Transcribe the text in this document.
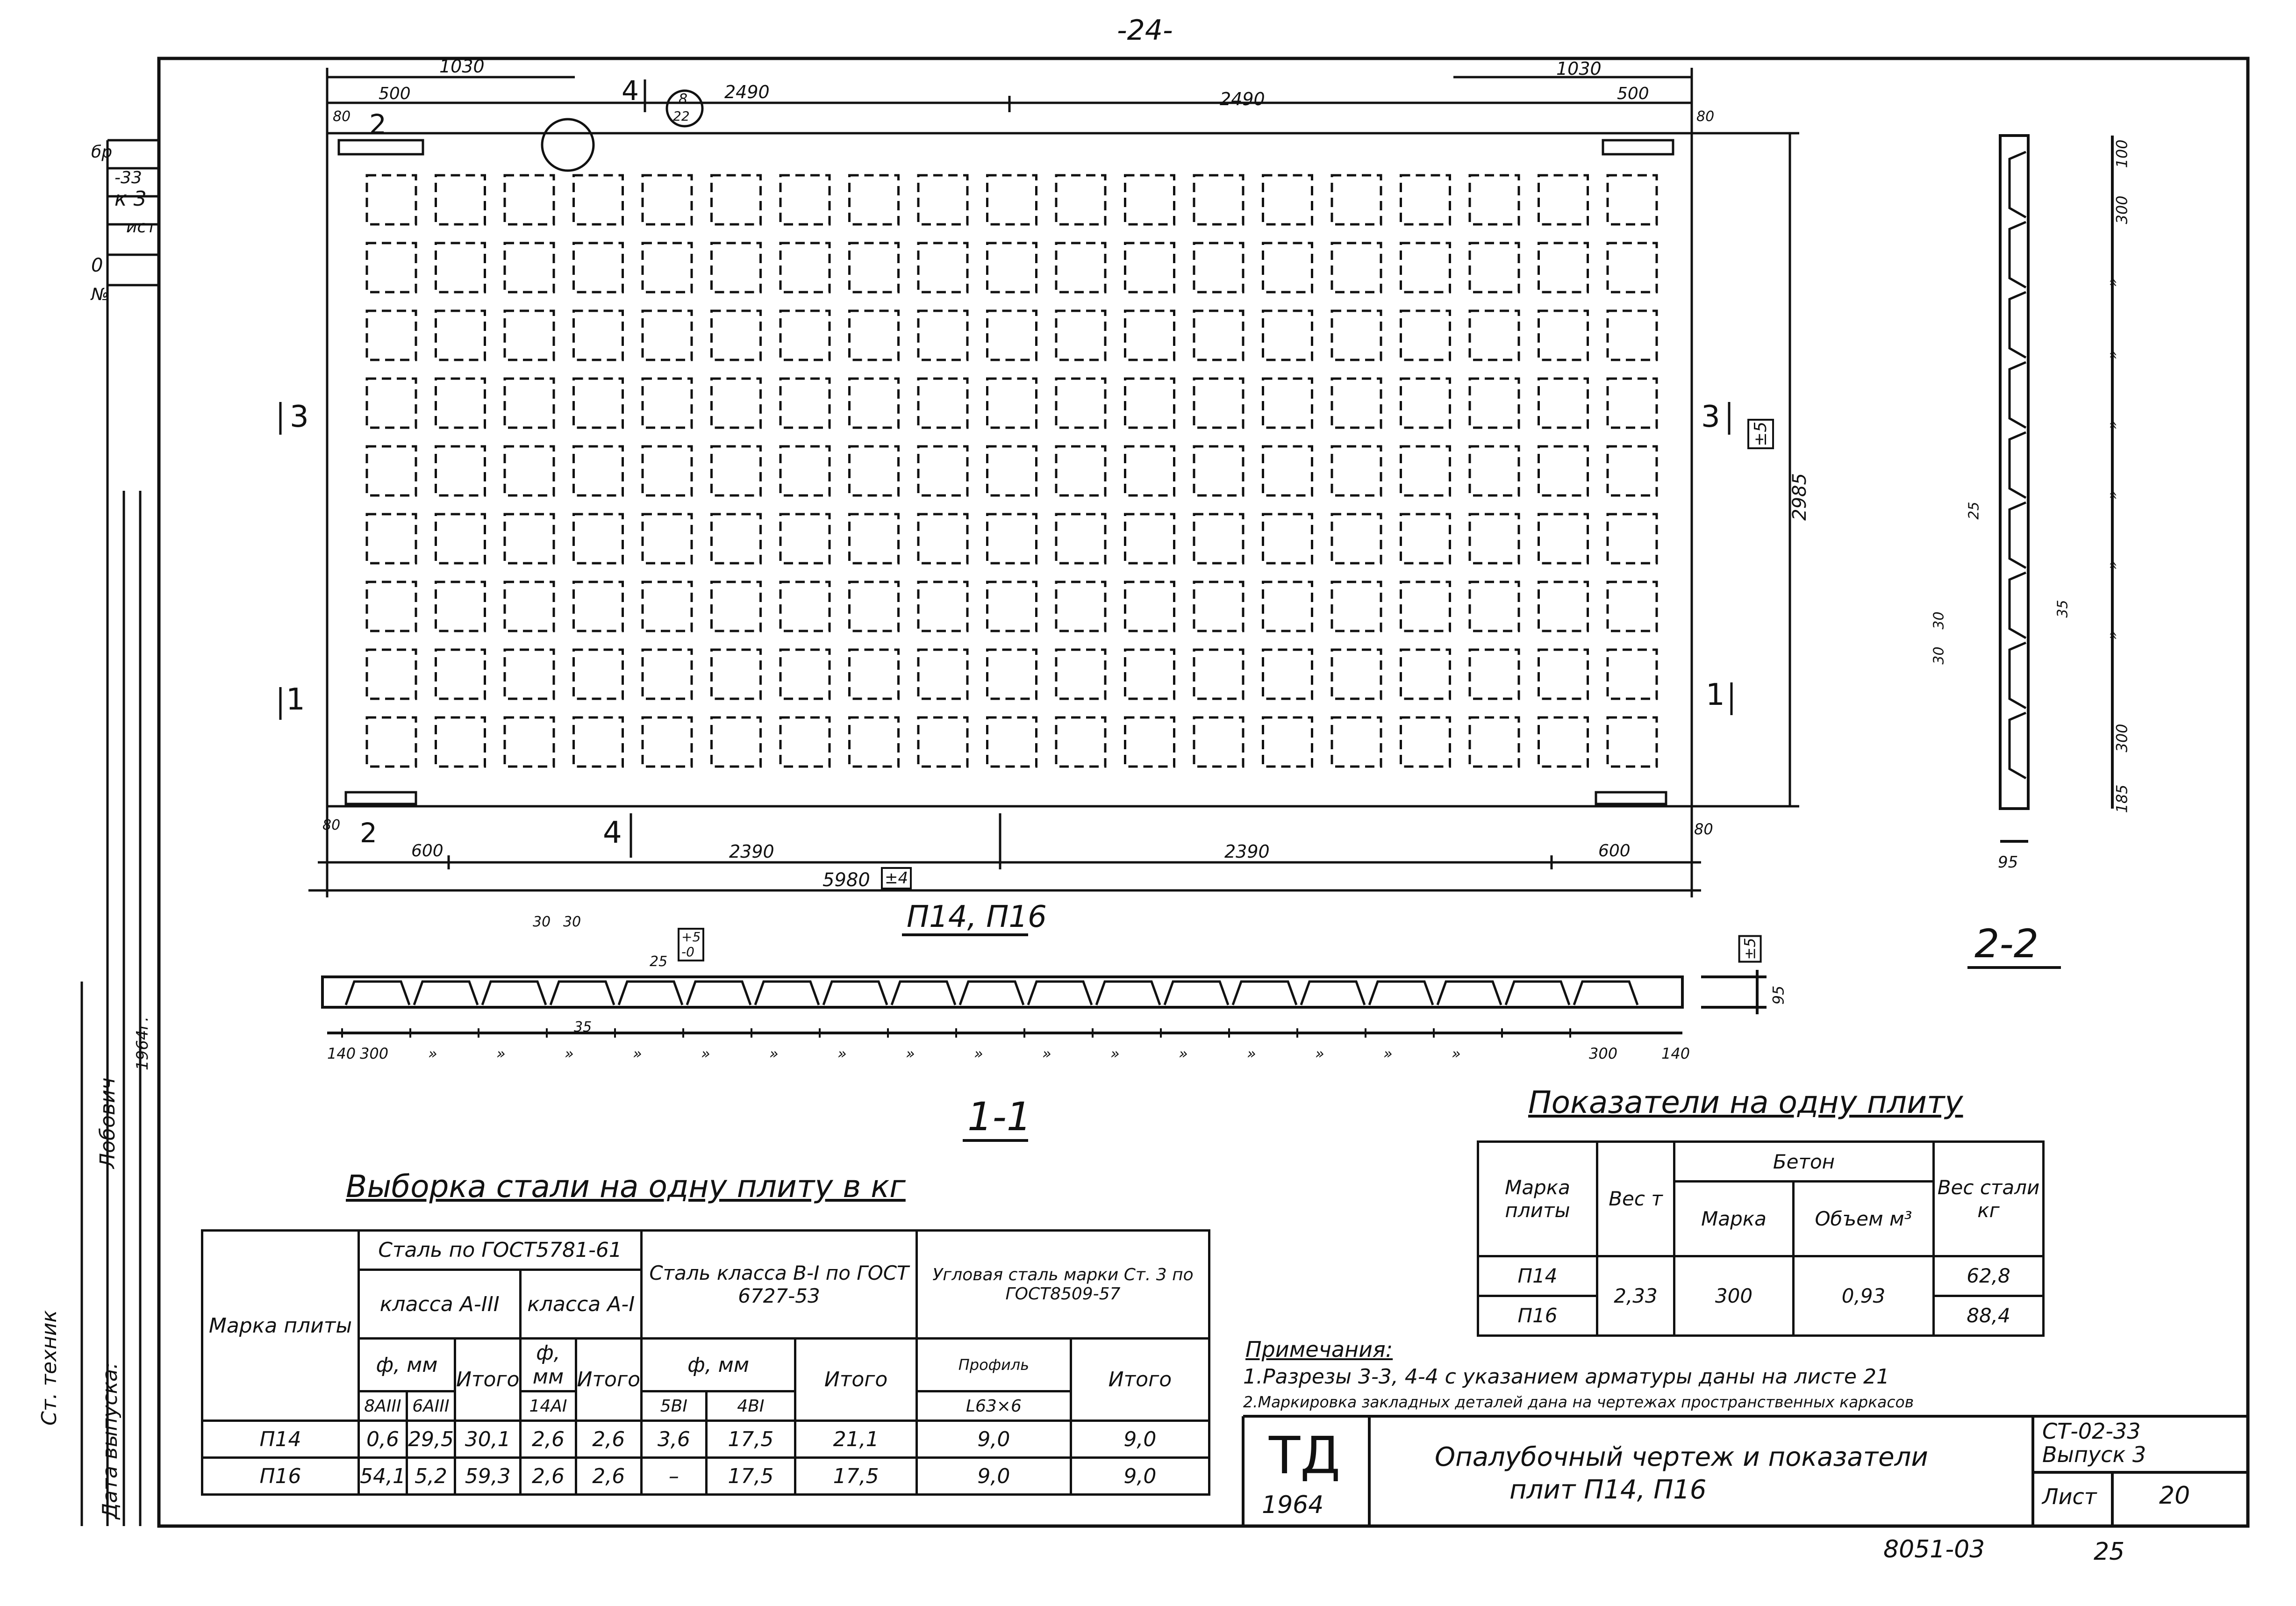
-24-
1030
500	2490	2490
1030
500
80	80
2
4	8
22
3	3
1	1
2	4
±5
2985
80
600	2390	2390	600
80
5980 ±4
П14, П16
30 30
25
35
+5
-0	±5
95
140 300	»	»	»	»	»	»	»	»	»	»	»	»	»	»	»	»	300	140
1-1
100
300
»
»
»
»
»
»
300
185
25
30
30
35
95
2-2
Выборка стали на одну плиту в кг
Марка плиты	Сталь по ГОСТ5781-61					Сталь класса В-I по ГОСТ 6727-53			Угловая сталь марки Ст. 3 по ГОСТ8509-57	
	класса А-III			класса А-I						
	ф, мм		Итого	ф, мм	Итого	ф, мм		Итого	Профиль	Итого
	8АIII	6АIII		14АI		5ВI	4ВI		L63×6	
П14	0,6	29,5	30,1	2,6	2,6	3,6	17,5	21,1	9,0	9,0
П16	54,1	5,2	59,3	2,6	2,6	–	17,5	17,5	9,0	9,0
Показатели на одну плиту
Марка плиты	Вес т	Бетон		Вес стали кг
		Марка	Объем м³	
П14	2,33	300	0,93	62,8
П16				88,4
Примечания:
1.Разрезы 3-3, 4-4 с указанием арматуры даны на листе 21
2.Маркировка закладных деталей дана на чертежах пространственных каркасов
ТД
1964
Опалубочный чертеж и показатели
плит П14, П16
СТ-02-33
Выпуск 3
Лист	20
Ст. техник Дата выпуска:
Лобович
1964г.
бр
-33
к 3
ист
0
№
8051-03	25
